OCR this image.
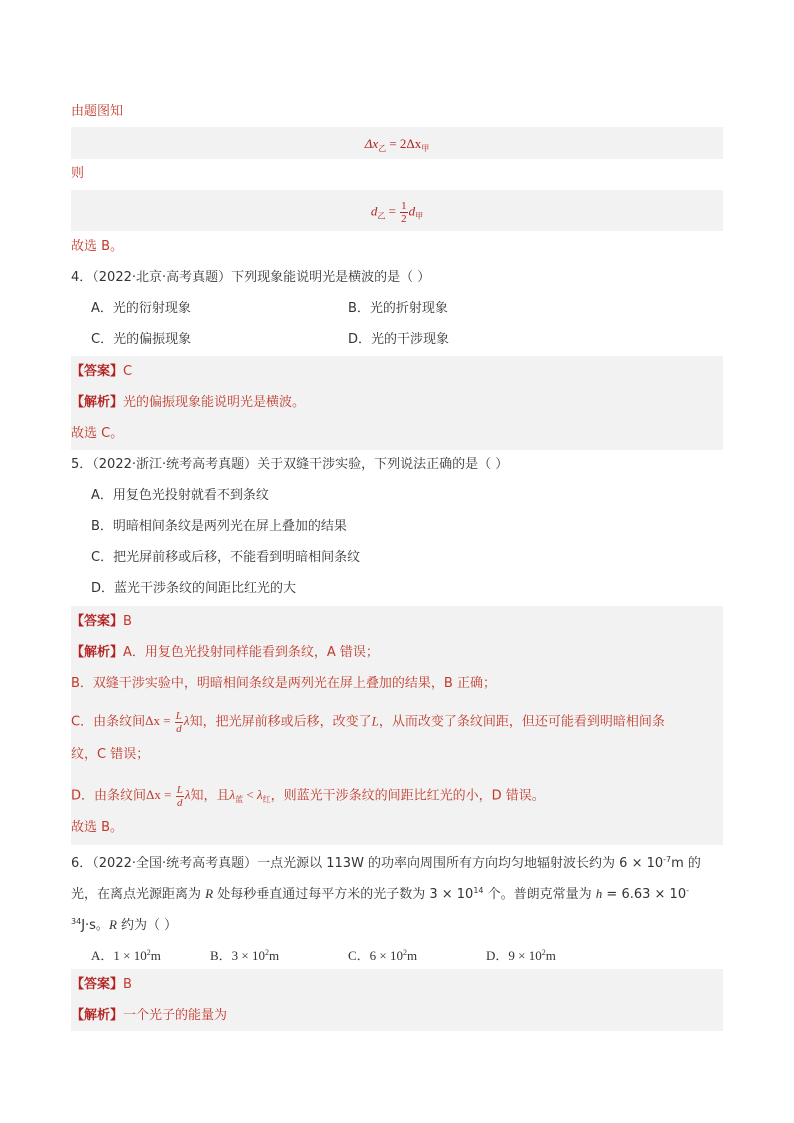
由题图知
$\Delta x_乙 = 2\Delta x_甲$
则
$d_乙 = \frac{1}{2} d_甲$
故选 B。
4．（2022·北京·高考真题）下列现象能说明光是横波的是（ ）
A．光的衍射现象	B．光的折射现象
C．光的偏振现象	D．光的干涉现象
【答案】C
【解析】光的偏振现象能说明光是横波。
故选 C。
5．（2022·浙江·统考高考真题）关于双缝干涉实验，下列说法正确的是（ ）
A．用复色光投射就看不到条纹
B．明暗相间条纹是两列光在屏上叠加的结果
C．把光屏前移或后移，不能看到明暗相间条纹
D．蓝光干涉条纹的间距比红光的大
【答案】B
【解析】A．用复色光投射同样能看到条纹，A 错误；
B．双缝干涉实验中，明暗相间条纹是两列光在屏上叠加的结果，B 正确；
C．由条纹间$\Delta x = \frac{L}{d}$ λ知，把光屏前移或后移，改变了L，从而改变了条纹间距，但还可能看到明暗相间条
纹，C 错误；
D．由条纹间$\Delta x = \frac{L}{d}$ λ知，且$\lambda_蓝 < \lambda_红$，则蓝光干涉条纹的间距比红光的小，D 错误。
故选 B。
6．（2022·全国·统考高考真题）一点光源以 113W 的功率向周围所有方向均匀地辐射波长约为 $6 \times 10^{-7}m$ 的
光，在离点光源距离为 R 处每秒垂直通过每平方米的光子数为 $3 \times 10^{14}$ 个。普朗克常量为 h = 6.63 × 10-
$^{34}$J·s。R 约为（ ）
A．$1 \times 10^2m$	B．$3 \times 10^2m$	C．$6 \times 10^2m$	D．$9 \times 10^2m$
【答案】B
【解析】一个光子的能量为
